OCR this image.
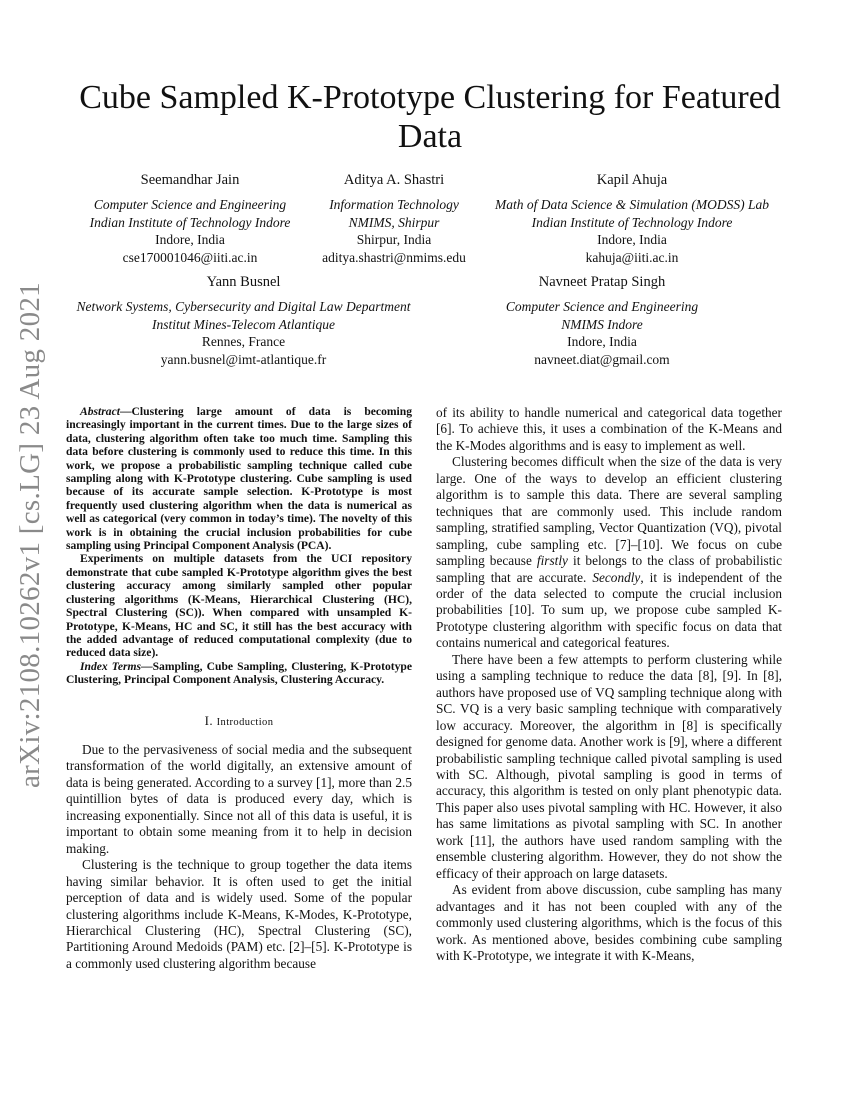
arXiv:2108.10262v1 [cs.LG] 23 Aug 2021
Cube Sampled K-Prototype Clustering for Featured
Data
Seemandhar Jain
Computer Science and Engineering
Indian Institute of Technology Indore
Indore, India
cse170001046@iiti.ac.in
Aditya A. Shastri
Information Technology
NMIMS, Shirpur
Shirpur, India
aditya.shastri@nmims.edu
Kapil Ahuja
Math of Data Science & Simulation (MODSS) Lab
Indian Institute of Technology Indore
Indore, India
kahuja@iiti.ac.in
Yann Busnel
Network Systems, Cybersecurity and Digital Law Department
Institut Mines-Telecom Atlantique
Rennes, France
yann.busnel@imt-atlantique.fr
Navneet Pratap Singh
Computer Science and Engineering
NMIMS Indore
Indore, India
navneet.diat@gmail.com

Abstract—Clustering large amount of data is becoming increasingly important in the current times. Due to the large sizes of data, clustering algorithm often take too much time. Sampling this data before clustering is commonly used to reduce this time. In this work, we propose a probabilistic sampling technique called cube sampling along with K-Prototype clustering. Cube sampling is used because of its accurate sample selection. K-Prototype is most frequently used clustering algorithm when the data is numerical as well as categorical (very common in today’s time). The novelty of this work is in obtaining the crucial inclusion probabilities for cube sampling using Principal Component Analysis (PCA).

Experiments on multiple datasets from the UCI repository demonstrate that cube sampled K-Prototype algorithm gives the best clustering accuracy among similarly sampled other popular clustering algorithms (K-Means, Hierarchical Clustering (HC), Spectral Clustering (SC)). When compared with unsampled K-Prototype, K-Means, HC and SC, it still has the best accuracy with the added advantage of reduced computational complexity (due to reduced data size).

Index Terms—Sampling, Cube Sampling, Clustering, K-Prototype Clustering, Principal Component Analysis, Clustering Accuracy.

I. Introduction

Due to the pervasiveness of social media and the subsequent transformation of the world digitally, an extensive amount of data is being generated. According to a survey [1], more than 2.5 quintillion bytes of data is produced every day, which is increasing exponentially. Since not all of this data is useful, it is important to obtain some meaning from it to help in decision making.

Clustering is the technique to group together the data items having similar behavior. It is often used to get the initial perception of data and is widely used. Some of the popular clustering algorithms include K-Means, K-Modes, K-Prototype, Hierarchical Clustering (HC), Spectral Clustering (SC), Partitioning Around Medoids (PAM) etc. [2]–[5]. K-Prototype is a commonly used clustering algorithm because

of its ability to handle numerical and categorical data together [6]. To achieve this, it uses a combination of the K-Means and the K-Modes algorithms and is easy to implement as well.

Clustering becomes difficult when the size of the data is very large. One of the ways to develop an efficient clustering algorithm is to sample this data. There are several sampling techniques that are commonly used. This include random sampling, stratified sampling, Vector Quantization (VQ), pivotal sampling, cube sampling etc. [7]–[10]. We focus on cube sampling because firstly it belongs to the class of probabilistic sampling that are accurate. Secondly, it is independent of the order of the data selected to compute the crucial inclusion probabilities [10]. To sum up, we propose cube sampled K-Prototype clustering algorithm with specific focus on data that contains numerical and categorical features.

There have been a few attempts to perform clustering while using a sampling technique to reduce the data [8], [9]. In [8], authors have proposed use of VQ sampling technique along with SC. VQ is a very basic sampling technique with comparatively low accuracy. Moreover, the algorithm in [8] is specifically designed for genome data. Another work is [9], where a different probabilistic sampling technique called pivotal sampling is used with SC. Although, pivotal sampling is good in terms of accuracy, this algorithm is tested on only plant phenotypic data. This paper also uses pivotal sampling with HC. However, it also has same limitations as pivotal sampling with SC. In another work [11], the authors have used random sampling with the ensemble clustering algorithm. However, they do not show the efficacy of their approach on large datasets.

As evident from above discussion, cube sampling has many advantages and it has not been coupled with any of the commonly used clustering algorithms, which is the focus of this work. As mentioned above, besides combining cube sampling with K-Prototype, we integrate it with K-Means,
